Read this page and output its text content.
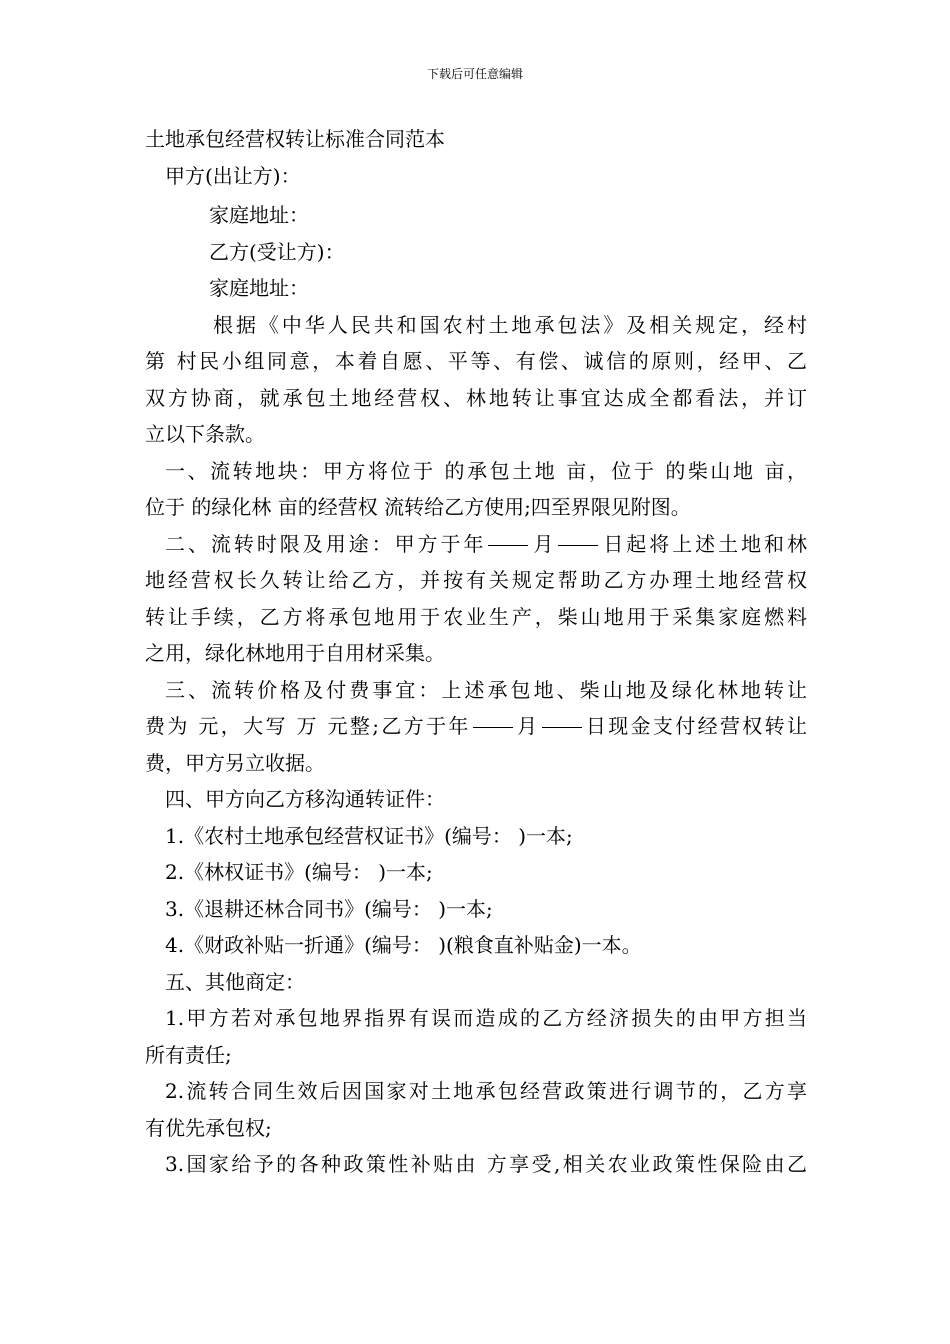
下载后可任意编辑
土地承包经营权转让标准合同范本
甲方(出让方)：
家庭地址：
乙方(受让方)：
家庭地址：
根据《中华人民共和国农村土地承包法》及相关规定，经村
第 村民小组同意，本着自愿、平等、有偿、诚信的原则，经甲、乙
双方协商，就承包土地经营权、林地转让事宜达成全都看法，并订
立以下条款。
一、流转地块：甲方将位于 的承包土地 亩，位于 的柴山地 亩，
位于 的绿化林 亩的经营权 流转给乙方使用;四至界限见附图。
二、流转时限及用途：甲方于年 月 日起将上述土地和林
地经营权长久转让给乙方，并按有关规定帮助乙方办理土地经营权
转让手续，乙方将承包地用于农业生产，柴山地用于采集家庭燃料
之用，绿化林地用于自用材采集。
三、流转价格及付费事宜：上述承包地、柴山地及绿化林地转让
费为 元，大写 万 元整;乙方于年 月 日现金支付经营权转让
费，甲方另立收据。
四、甲方向乙方移沟通转证件：
1.《农村土地承包经营权证书》(编号： )一本;
2.《林权证书》(编号： )一本;
3.《退耕还林合同书》(编号： )一本;
4.《财政补贴一折通》(编号： )(粮食直补贴金)一本。
五、其他商定：
1.甲方若对承包地界指界有误而造成的乙方经济损失的由甲方担当
所有责任;
2.流转合同生效后因国家对土地承包经营政策进行调节的，乙方享
有优先承包权;
3.国家给予的各种政策性补贴由 方享受,相关农业政策性保险由乙
